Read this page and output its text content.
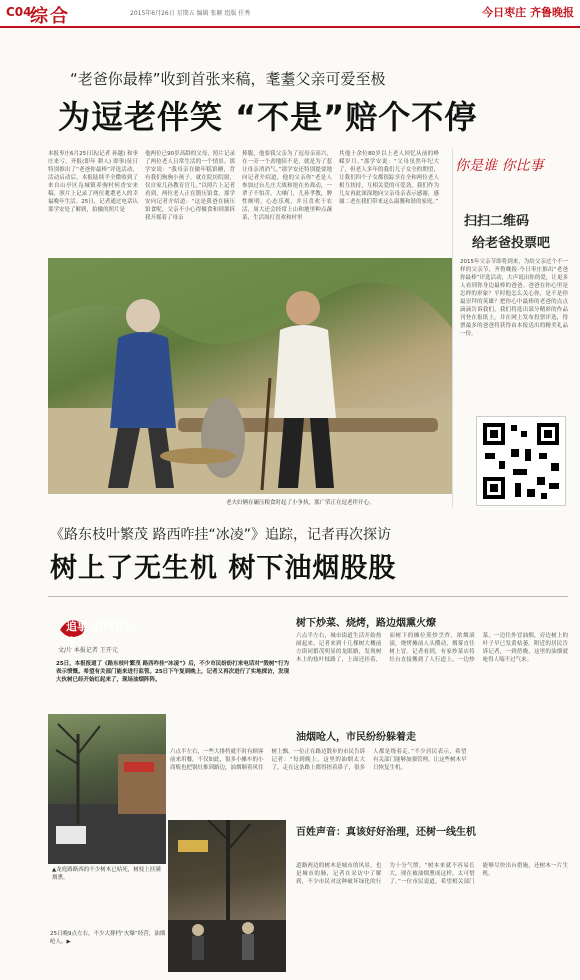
C04
综合	2015年6月26日 星期五 编辑 张颖 组版 任秀	今日枣庄 齐鲁晚报
“老爸你最棒”收到首张来稿，耄耋父亲可爱至极
为逗老伴笑 “不是”赔个不停
本报枣庄6月25日讯(记者 孙越) 和枣庄来亏，齐报(即年 耕人) 即事)征日特别推出了“老爸你最棒”评选活动，活动启动后，本报陆续半全微收到了来自山亭区凫城镇养驹村何香安来稿，照片上记录了两位耄耋老人的幸福晚年生活。25日，记者通过电话认那学安处了解到，拍摄的照片是
他两位已90岁高龄的父母，照片记录了两位老人日常生活的一个情景。那学安说：“我母亲在做年糕馅糖，背有我们驹驹小孩子，就在院坊院窗，仅自家儿孙教育宫儿。”以照片上记者看到，两位老人正在锻压馅食，那学安向记者介绍道：“这是我爸在摘压馅食呢，父亲不小心得摄食和到那拆我开摇着了母亲
捧腹，他要我父亲为了逗母亲高兴，在一旁一个劲地陪不是，就是为了惹让母亲消消气。”那学安还特别提要地向记者介绍道，他的父亲你“老是人参加过台儿庄大战和抢在鱼战动，一辈子不怕苦，大嗓门，儿孙孝教，脾性颇明，心态乐观，并且喜欢干农活，周大还会经常上山和地里种点蔬菜，生活周打喜欢和村里
其他十余位80岁以上老人回忆从前的峥嵘岁月。”那学安说：“父母虽然年纪大了，但老人多年的我们儿子女全的期望，让我们四个子女都很踪享在全和两位老人相互扶持，互相关爱的可爱劲，我们作为儿女再此深深地向父亲母亲表示感谢，感谢二老在我们带来这么温馨和谐的家庭。”
老夫妇俩在碾压粮食时起了小争执，那广荣正在逗老伴开心。
你是谁 你比事
扫扫二维码
给老爸投票吧
2015年父亲节即将到来，为给父亲过个不一样的父亲节，齐鲁晚报·今日枣庄推出“老爸你最棒”评选活动，大声说出你的爱，让更多人看到你身边最棒的爸爸。爸爸在你心里是怎样的形象？平时他怎么关心你，是不是你最崇拜的英雄？把你心中最棒的老爸的点点滴滴告诉我们，我们将选出部分精彩的作品刊登在报纸上，并在网上发布投票评选，得票最多的爸爸将获得由本报送出的精美礼品一份。
《路东枝叶繁茂 路西咋挂“冰凌”》追踪，记者再次探访
树上了无生机 树下油烟股股
追事 追问背后事
文/片 本报记者 王开元
25日，本报报道了《路东枝叶繁茂 路西咋挂“冰凌”》后，不少市民纷纷打来电话对“毁树”行为表示愤慨。希望有关部门能来进行监管。25日下午复到晚上，记者又再次进行了实地探访，发现大伙树已经开始红起来了，现场油烟阵阵。
▲龙庭路路西的不少树木已枯死，树枝上挂满烟熏。
25日晚9点左右，不少大排档“火爆”经营，油烟呛人。▶
树下炒菜、烧烤，路边烟熏火燎
六点半左右，城市街道生活开始热闹起来，记者来到十几棵树大概前方街同繁茂明显的龙眼路，发现树木上的枝叶枝路了，上面还挂着，而树下的摊位煎炒烹炸，浓烟滚滚，烧烤摊前人头攒动，烟雾直往树上冒。记者看到，有家炒菜店将灶台直接搬到了人行道上，一边炒菜，一边往外冒油烟，旁边树上的叶子早已发黄枯萎。附近的居民告诉记者，一到傍晚，这里的油烟就呛得人喘不过气来。
油烟呛人，市民纷纷躲着走
六点半左右，一些大排档就不时有顾客前来用餐，不仅如此，很多小摊车的小商贩也把锅灶推到路边，油烟顺着风往树上飘。一位正在路边散步的市民告诉记者：“每到晚上，这里的油烟太大了，走在这条路上都得捂着鼻子，很多人都是绕着走。”不少居民表示，希望有关部门能够加强管理，让这些树木早日恢复生机。
百姓声音：真该好好治理，还树一线生机
道路两边的树木是城市的风景，也是城市的肺，记者在采访中了解到，不少市民对这种破坏绿化的行为十分气愤。“树本来就不容易长大，现在被油烟熏成这样，太可惜了。”一位市民说道，希望相关部门能够尽快出台措施，还树木一片生机。
